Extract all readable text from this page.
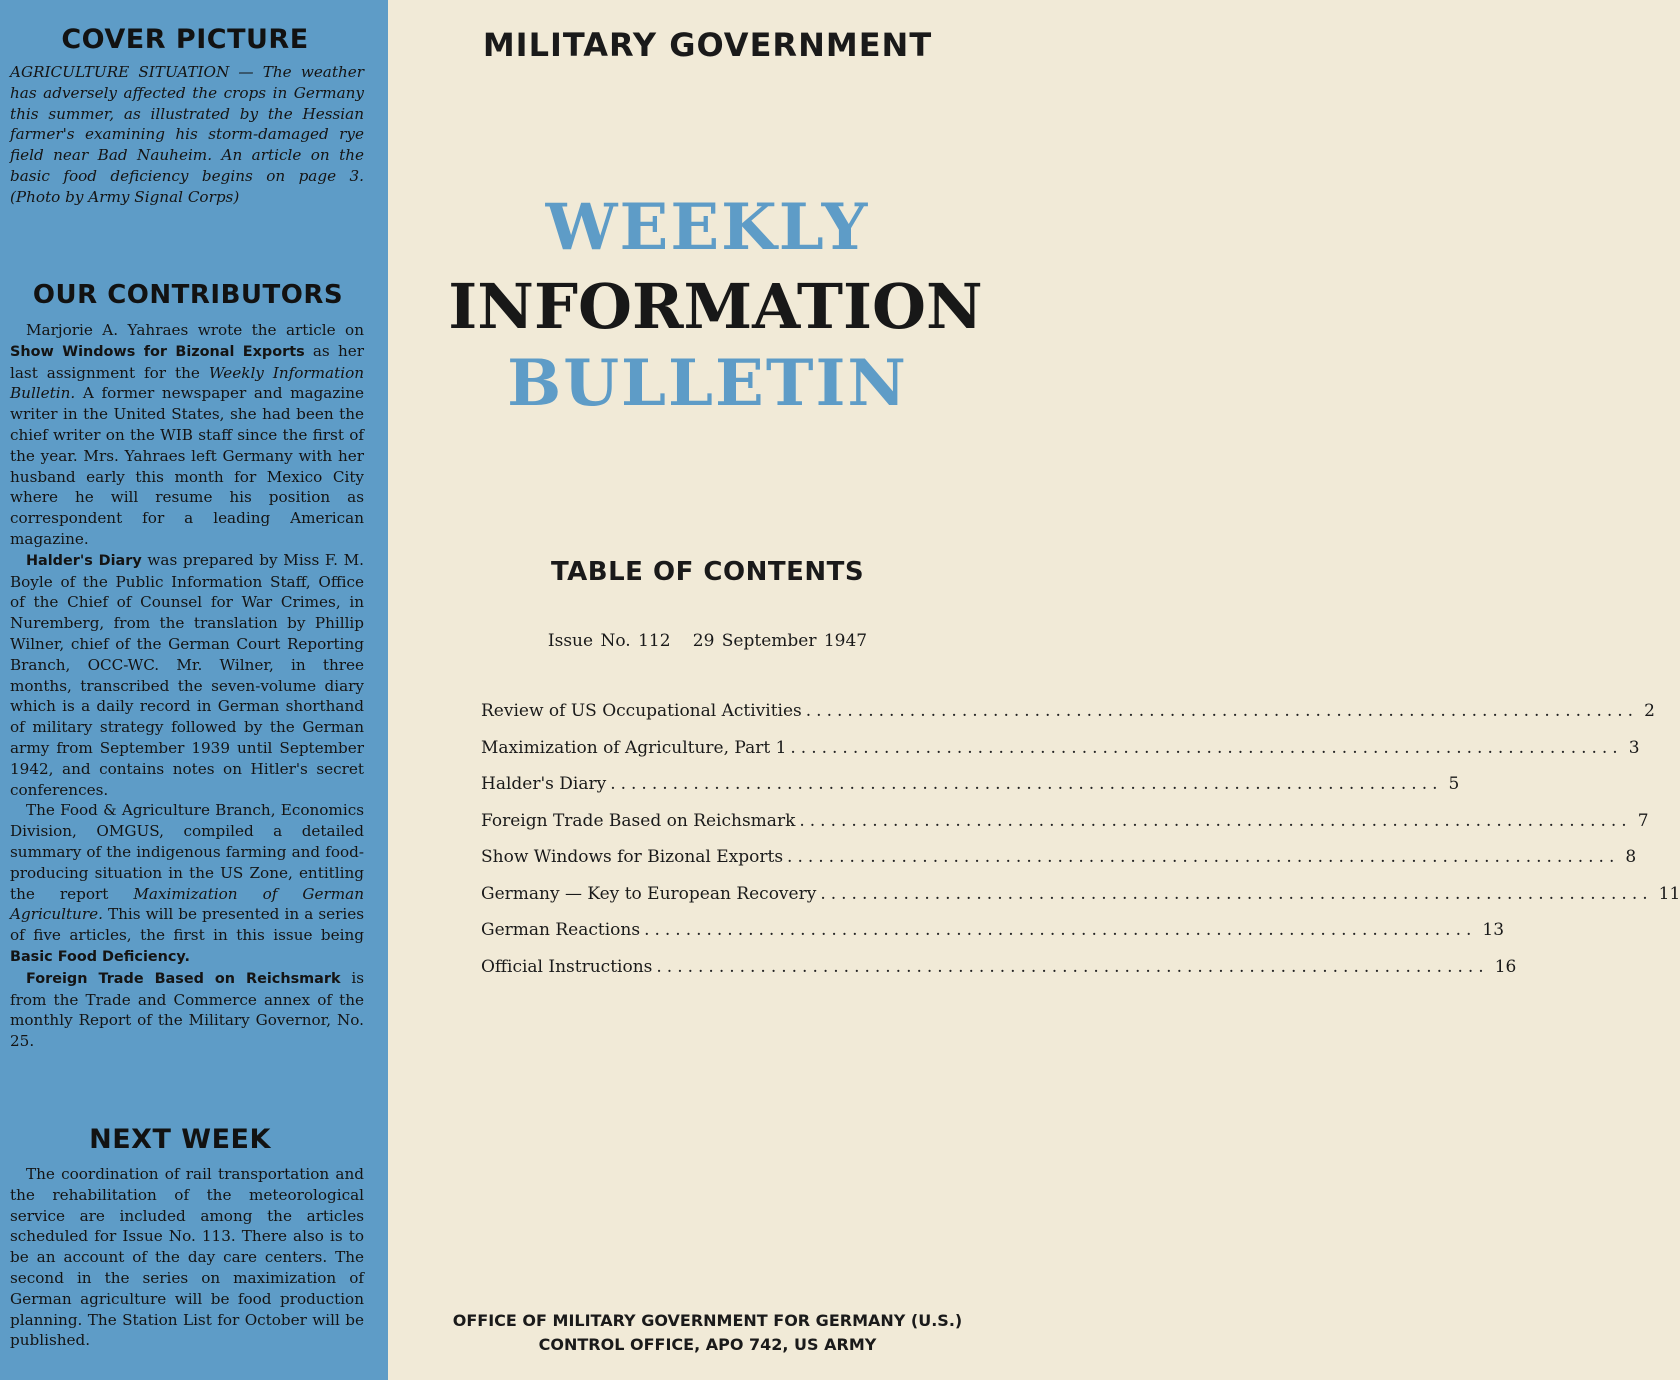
COVER PICTURE
AGRICULTURE SITUATION — The weather has adversely affected the crops in Germany this summer, as illustrated by the Hessian farmer's examining his storm-damaged rye field near Bad Nauheim. An article on the basic food deficiency begins on page 3. (Photo by Army Signal Corps)
OUR CONTRIBUTORS

Marjorie A. Yahraes wrote the article on Show Windows for Bizonal Exports as her last assignment for the Weekly Information Bulletin. A former newspaper and magazine writer in the United States, she had been the chief writer on the WIB staff since the first of the year. Mrs. Yahraes left Germany with her husband early this month for Mexico City where he will resume his position as correspondent for a leading American magazine.

Halder's Diary was prepared by Miss F. M. Boyle of the Public Information Staff, Office of the Chief of Counsel for War Crimes, in Nuremberg, from the translation by Phillip Wilner, chief of the German Court Reporting Branch, OCC-WC. Mr. Wilner, in three months, transcribed the seven-volume diary which is a daily record in German shorthand of military strategy followed by the German army from September 1939 until September 1942, and contains notes on Hitler's secret conferences.

The Food & Agriculture Branch, Economics Division, OMGUS, compiled a detailed summary of the indigenous farming and food-producing situation in the US Zone, entitling the report Maximization of German Agriculture. This will be presented in a series of five articles, the first in this issue being Basic Food Deficiency.

Foreign Trade Based on Reichsmark is from the Trade and Commerce annex of the monthly Report of the Military Governor, No. 25.

NEXT WEEK
The coordination of rail transportation and the rehabilitation of the meteorological service are included among the articles scheduled for Issue No. 113. There also is to be an account of the day care centers. The second in the series on maximization of German agriculture will be food production planning. The Station List for October will be published.
MILITARY GOVERNMENT
WEEKLY
INFORMATION
BULLETIN
TABLE OF CONTENTS
Issue No. 112 29 September 1947
Review of US Occupational Activities ................................................................................ 2
Maximization of Agriculture, Part 1 ................................................................................ 3
Halder's Diary ................................................................................ 5
Foreign Trade Based on Reichsmark ................................................................................ 7
Show Windows for Bizonal Exports ................................................................................ 8
Germany — Key to European Recovery ................................................................................ 11
German Reactions ................................................................................ 13
Official Instructions ................................................................................ 16
OFFICE OF MILITARY GOVERNMENT FOR GERMANY (U.S.)
CONTROL OFFICE, APO 742, US ARMY
